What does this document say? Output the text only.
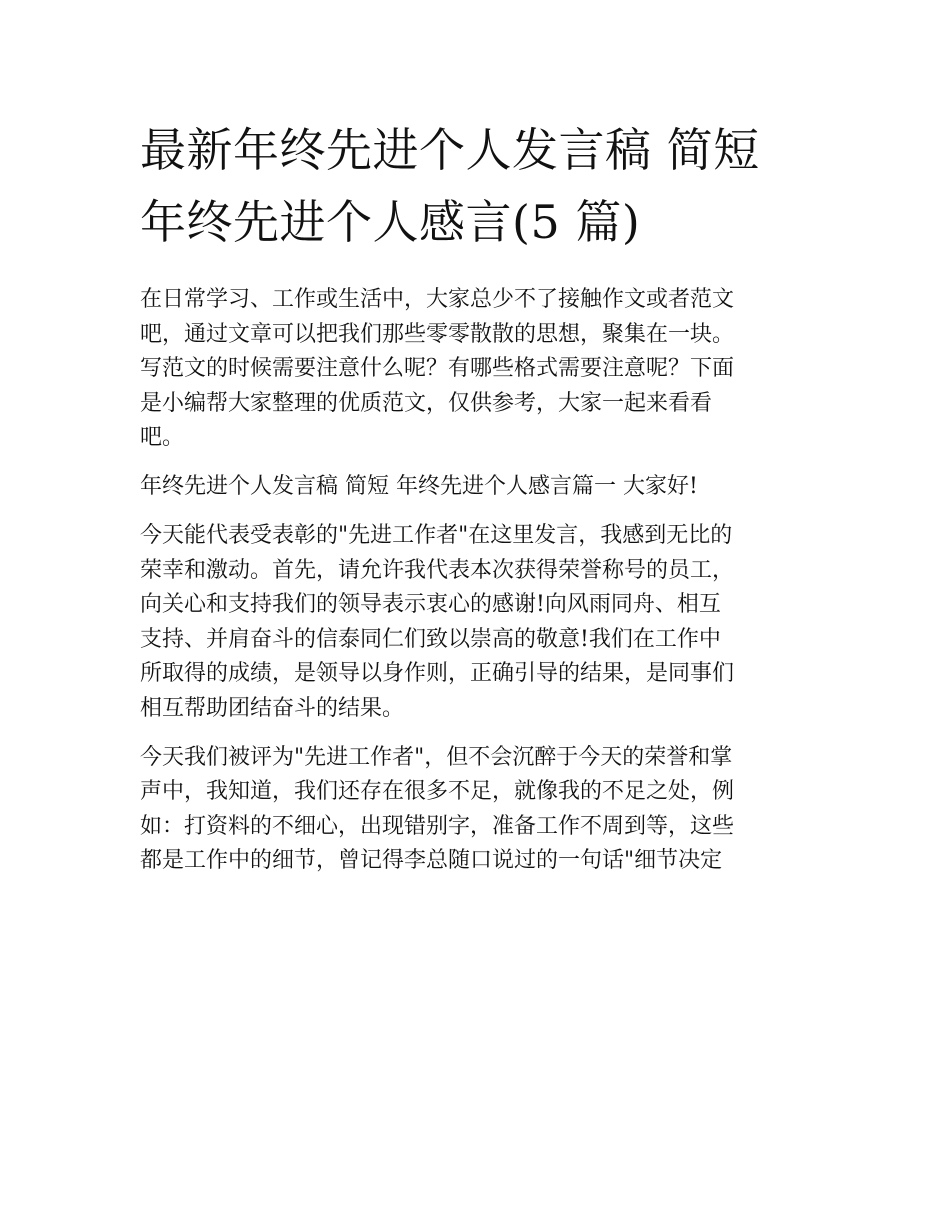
最新年终先进个人发言稿 简短
年终先进个人感言(5 篇)

在日常学习、工作或生活中，大家总少不了接触作文或者范文
吧，通过文章可以把我们那些零零散散的思想，聚集在一块。
写范文的时候需要注意什么呢？有哪些格式需要注意呢？下面
是小编帮大家整理的优质范文，仅供参考，大家一起来看看
吧。

年终先进个人发言稿 简短 年终先进个人感言篇一 大家好!

今天能代表受表彰的"先进工作者"在这里发言，我感到无比的
荣幸和激动。首先，请允许我代表本次获得荣誉称号的员工，
向关心和支持我们的领导表示衷心的感谢!向风雨同舟、相互
支持、并肩奋斗的信泰同仁们致以崇高的敬意!我们在工作中
所取得的成绩，是领导以身作则，正确引导的结果，是同事们
相互帮助团结奋斗的结果。

今天我们被评为"先进工作者"，但不会沉醉于今天的荣誉和掌
声中，我知道，我们还存在很多不足，就像我的不足之处，例
如：打资料的不细心，出现错别字，准备工作不周到等，这些
都是工作中的细节，曾记得李总随口说过的一句话"细节决定
